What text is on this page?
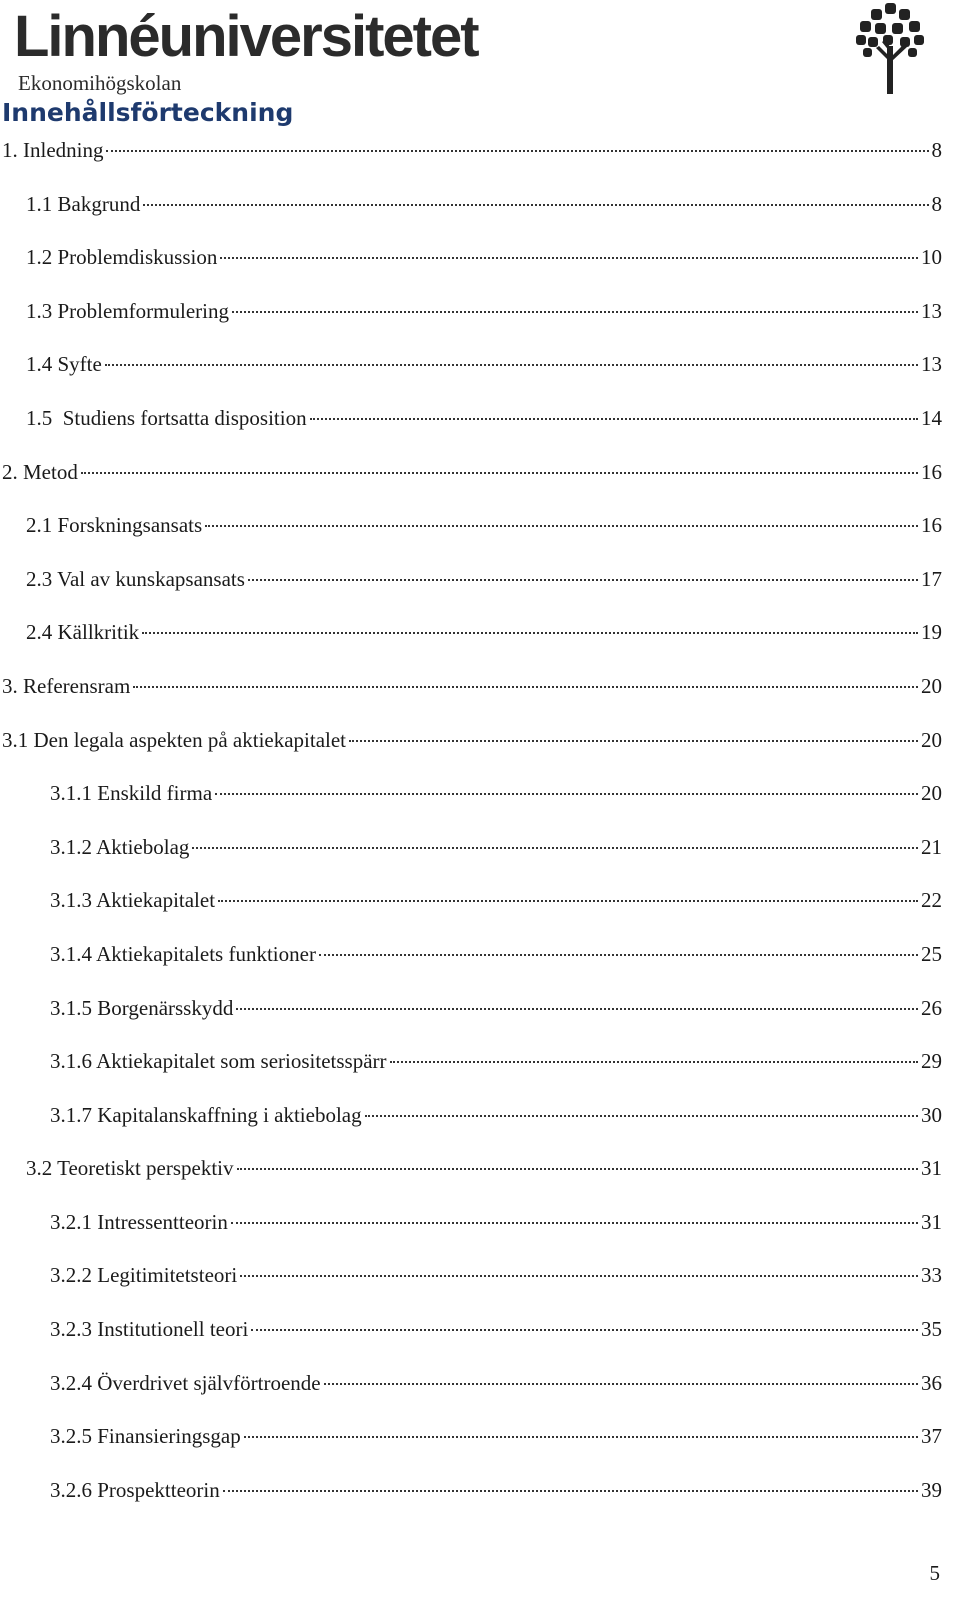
Linnéuniversitetet
Ekonomihögskolan
Innehållsförteckning
1. Inledning	8
1.1 Bakgrund	8
1.2 Problemdiskussion	10
1.3 Problemformulering	13
1.4 Syfte	13
1.5  Studiens fortsatta disposition	14
2. Metod	16
2.1 Forskningsansats	16
2.3 Val av kunskapsansats	17
2.4 Källkritik	19
3. Referensram	20
3.1 Den legala aspekten på aktiekapitalet	20
3.1.1 Enskild firma	20
3.1.2 Aktiebolag	21
3.1.3 Aktiekapitalet	22
3.1.4 Aktiekapitalets funktioner	25
3.1.5 Borgenärsskydd	26
3.1.6 Aktiekapitalet som seriositetsspärr	29
3.1.7 Kapitalanskaffning i aktiebolag	30
3.2 Teoretiskt perspektiv	31
3.2.1 Intressentteorin	31
3.2.2 Legitimitetsteori	33
3.2.3 Institutionell teori	35
3.2.4 Överdrivet självförtroende	36
3.2.5 Finansieringsgap	37
3.2.6 Prospektteorin	39
5
